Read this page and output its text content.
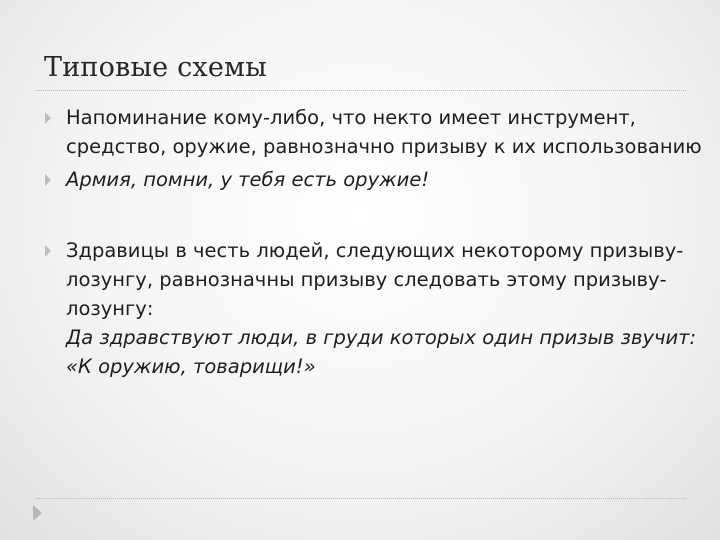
Типовые схемы
Напоминание кому-либо, что некто имеет инструмент, средство, оружие, равнозначно призыву к их использованию
Армия, помни, у тебя есть оружие!
Здравицы в честь людей, следующих некоторому призыву-лозунгу, равнозначны призыву следовать этому призыву-лозунгу:
Да здравствуют люди, в груди которых один призыв звучит: «К оружию, товарищи!»
